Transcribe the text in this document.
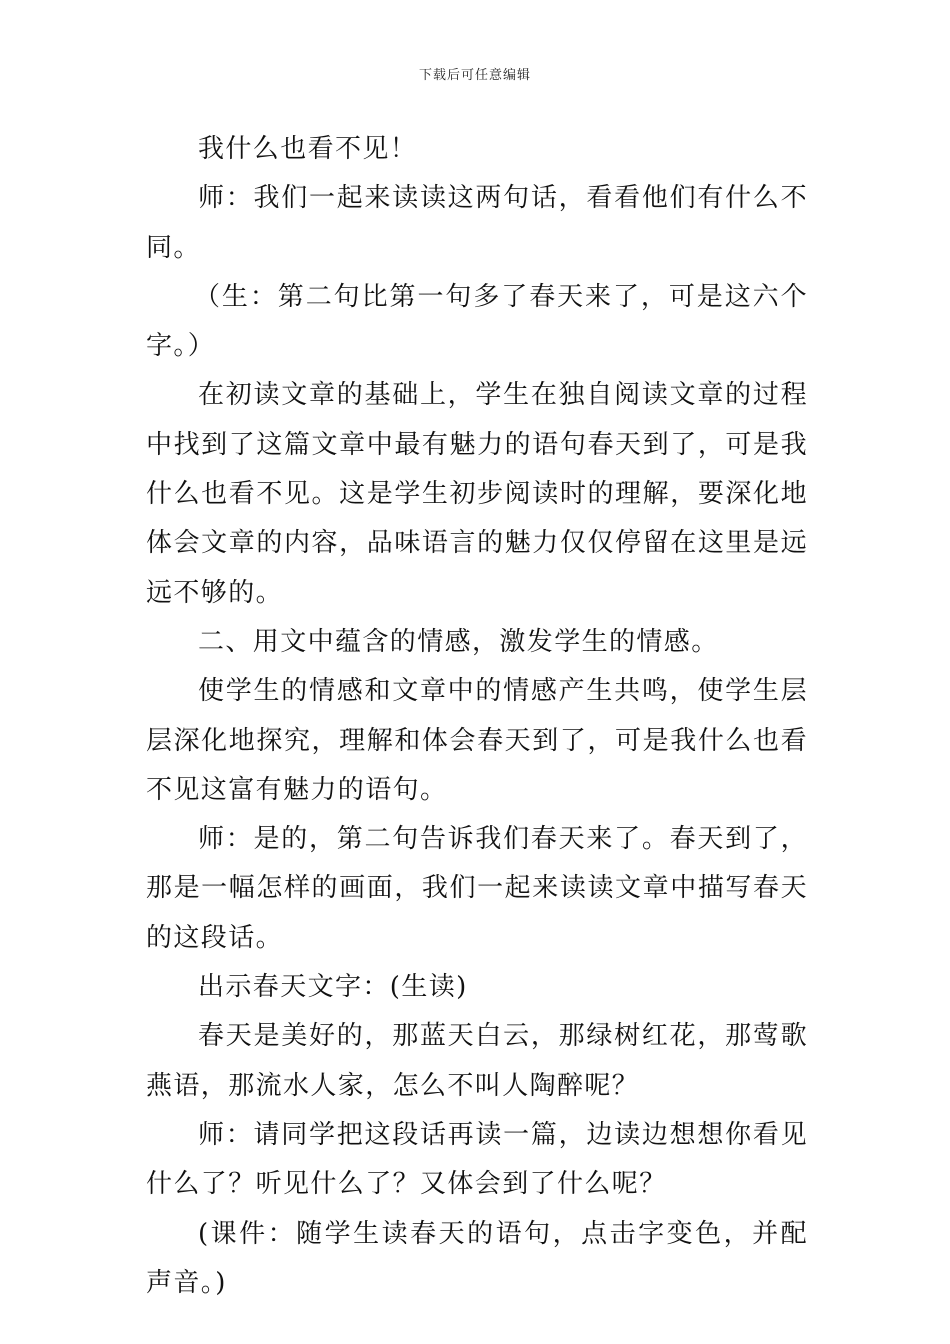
下载后可任意编辑

我什么也看不见！

师：我们一起来读读这两句话，看看他们有什么不同。

（生：第二句比第一句多了春天来了，可是这六个字。）

在初读文章的基础上，学生在独自阅读文章的过程中找到了这篇文章中最有魅力的语句春天到了，可是我什么也看不见。这是学生初步阅读时的理解，要深化地体会文章的内容，品味语言的魅力仅仅停留在这里是远远不够的。

二、用文中蕴含的情感，激发学生的情感。

使学生的情感和文章中的情感产生共鸣，使学生层层深化地探究，理解和体会春天到了，可是我什么也看不见这富有魅力的语句。

师：是的，第二句告诉我们春天来了。春天到了，那是一幅怎样的画面，我们一起来读读文章中描写春天的这段话。

出示春天文字：(生读)

春天是美好的，那蓝天白云，那绿树红花，那莺歌燕语，那流水人家，怎么不叫人陶醉呢？

师：请同学把这段话再读一篇，边读边想想你看见什么了？听见什么了？又体会到了什么呢？

(课件：随学生读春天的语句，点击字变色，并配声音。)
